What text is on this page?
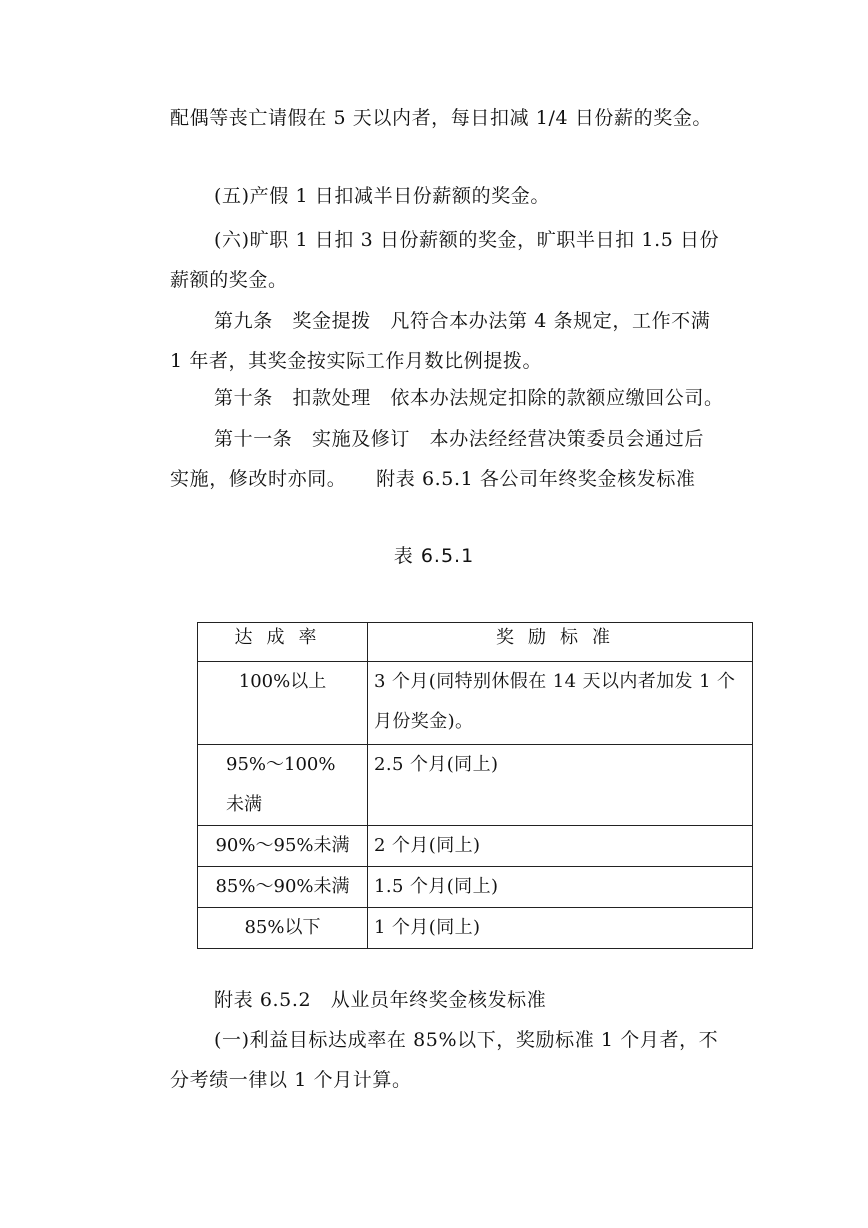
配偶等丧亡请假在 5 天以内者，每日扣减 1/4 日份薪的奖金。
(五)产假 1 日扣减半日份薪额的奖金。
(六)旷职 1 日扣 3 日份薪额的奖金，旷职半日扣 1.5 日份
薪额的奖金。
第九条　奖金提拨　凡符合本办法第 4 条规定，工作不满
1 年者，其奖金按实际工作月数比例提拨。
第十条　扣款处理　依本办法规定扣除的款额应缴回公司。
第十一条　实施及修订　本办法经经营决策委员会通过后
实施，修改时亦同。　　附表 6.5.1 各公司年终奖金核发标准
表 6.5.1
达成率	奖励标准

100%以上	3 个月(同特别休假在 14 天以内者加发 1 个月份奖金)。

95%～100%未满	2.5 个月(同上)

90%～95%未满	2 个月(同上)

85%～90%未满	1.5 个月(同上)

85%以下	1 个月(同上)
附表 6.5.2　从业员年终奖金核发标准
(一)利益目标达成率在 85%以下，奖励标准 1 个月者，不
分考绩一律以 1 个月计算。
